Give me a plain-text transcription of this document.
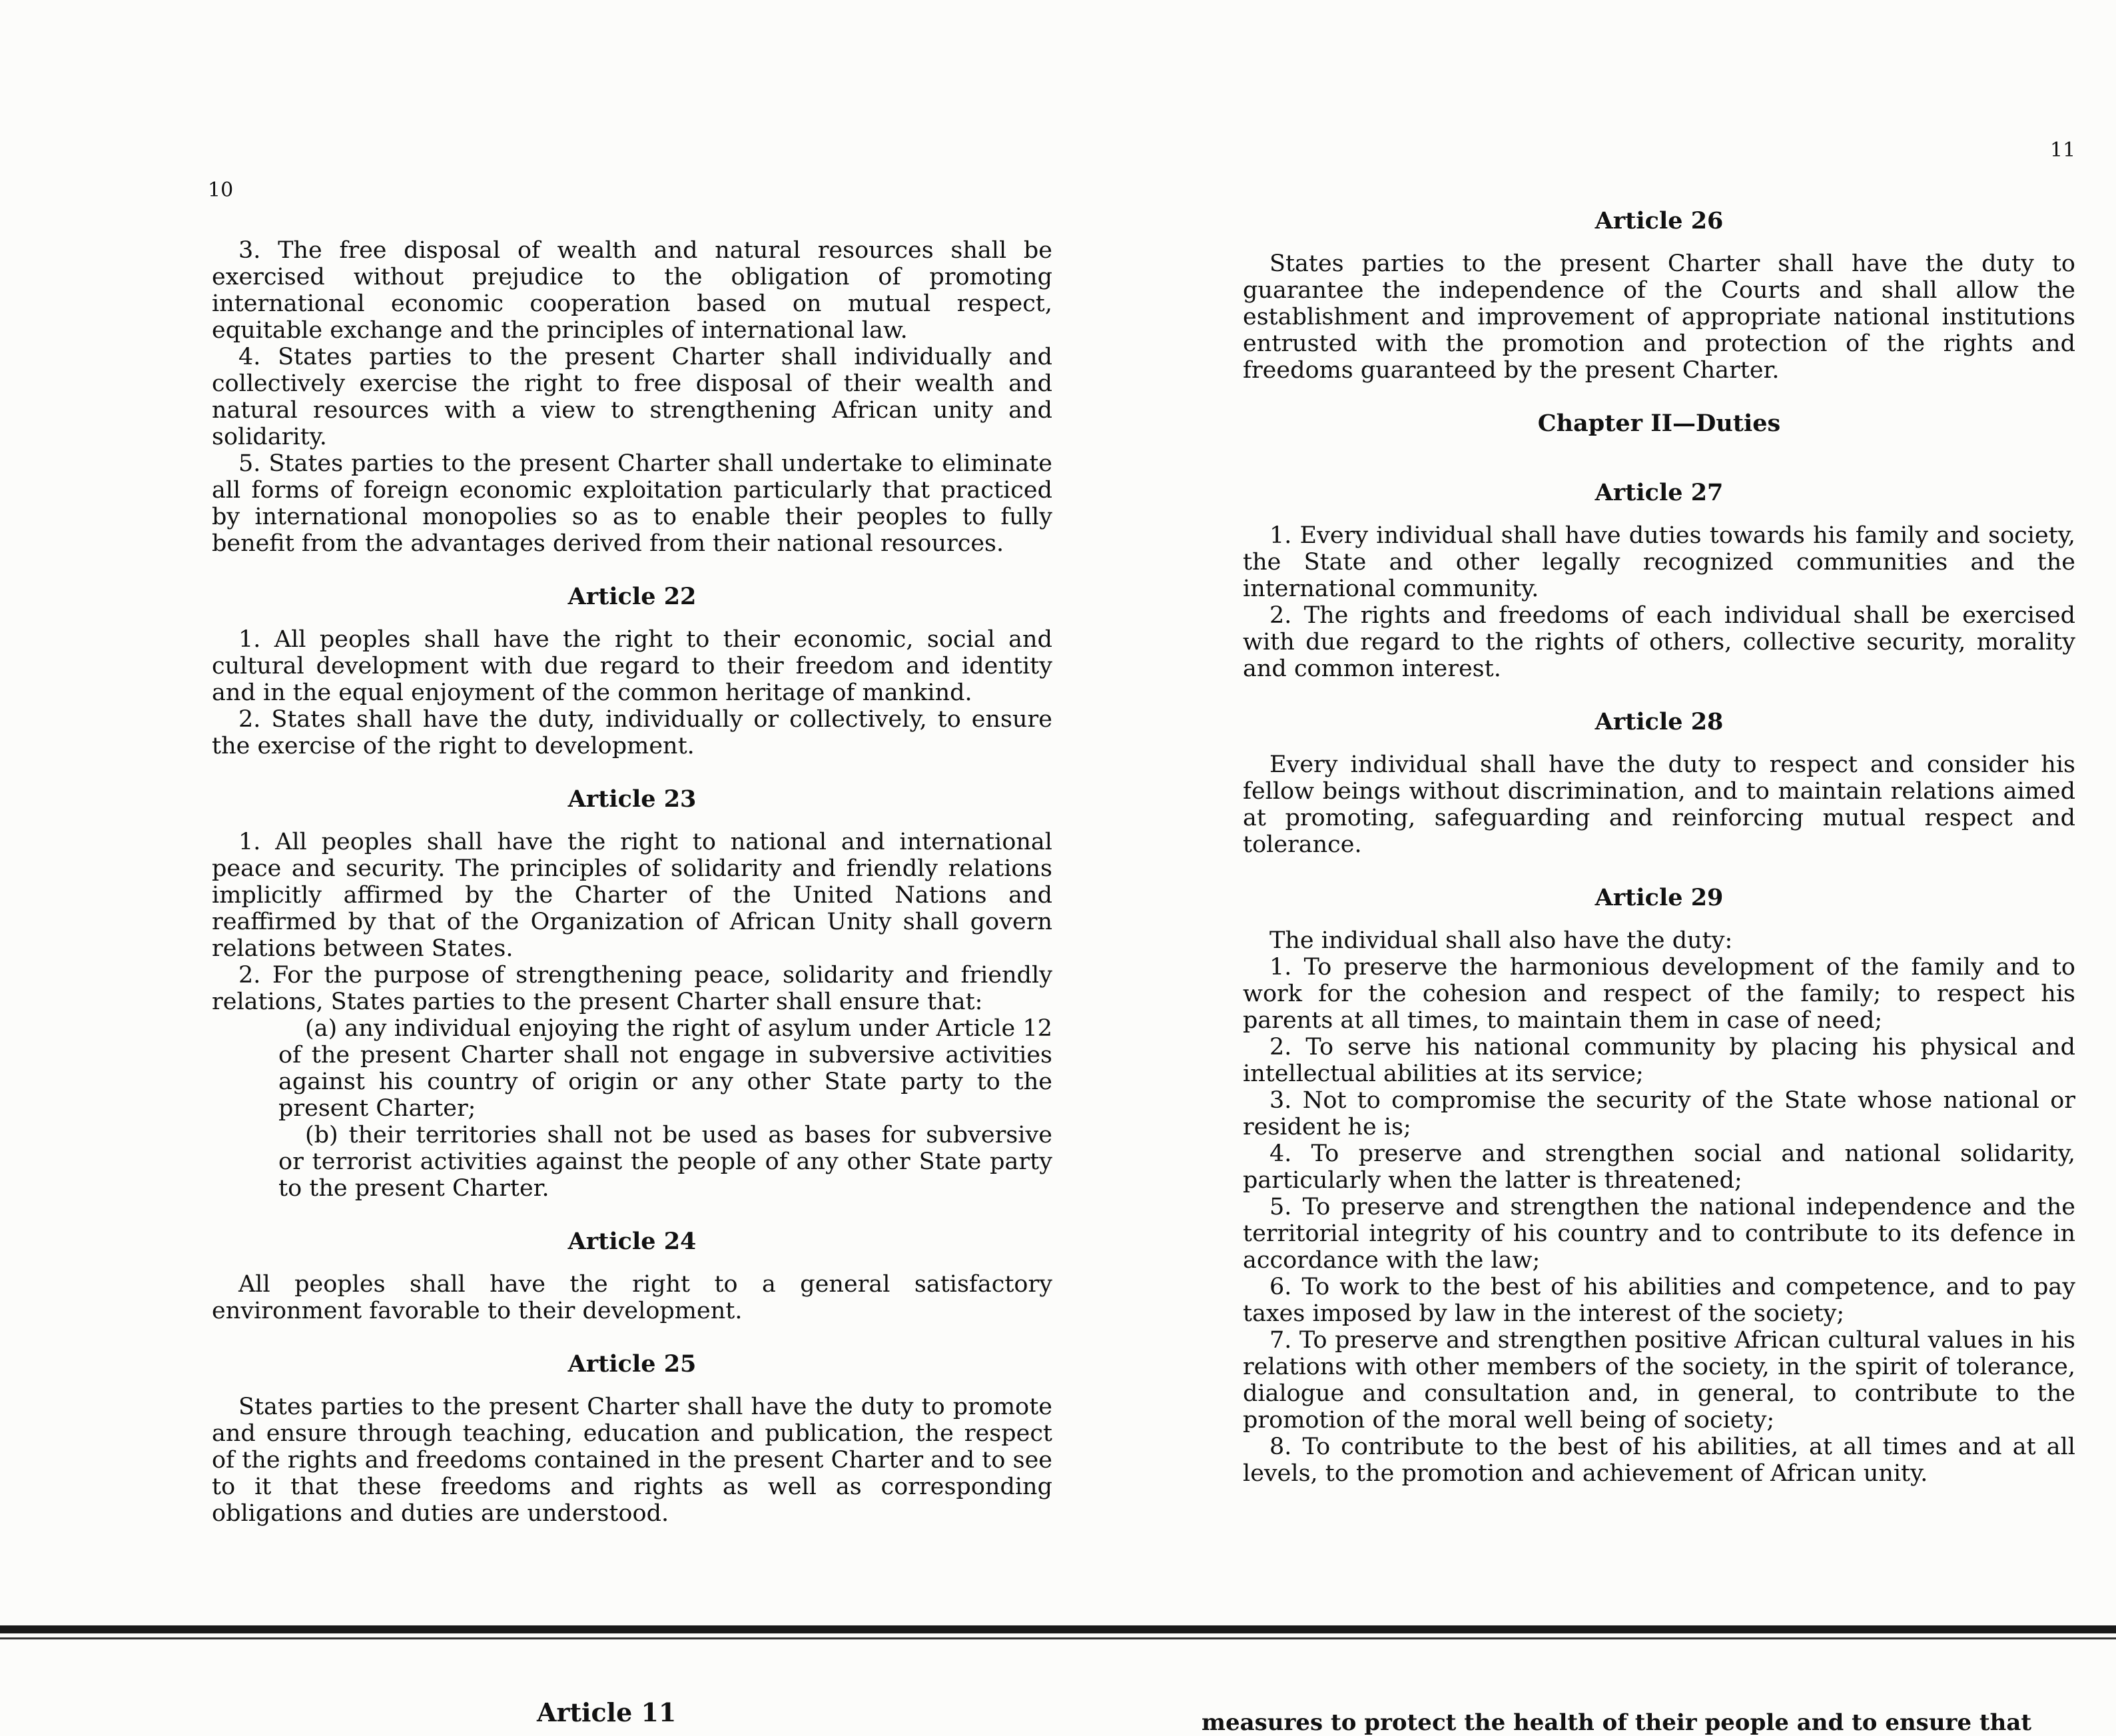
10
11

3. The free disposal of wealth and natural resources shall be exercised without prejudice to the obligation of promoting international economic cooperation based on mutual respect, equitable exchange and the principles of international law.

4. States parties to the present Charter shall individually and collectively exercise the right to free disposal of their wealth and natural resources with a view to strengthening African unity and solidarity.

5. States parties to the present Charter shall undertake to eliminate all forms of foreign economic exploitation particularly that practiced by international monopolies so as to enable their peoples to fully benefit from the advantages derived from their national resources.

Article 22

1. All peoples shall have the right to their economic, social and cultural development with due regard to their freedom and identity and in the equal enjoyment of the common heritage of mankind.

2. States shall have the duty, individually or collectively, to ensure the exercise of the right to development.

Article 23

1. All peoples shall have the right to national and international peace and security. The principles of solidarity and friendly relations implicitly affirmed by the Charter of the United Nations and reaffirmed by that of the Organization of African Unity shall govern relations between States.

2. For the purpose of strengthening peace, solidarity and friendly relations, States parties to the present Charter shall ensure that:

(a) any individual enjoying the right of asylum under Article 12 of the present Charter shall not engage in subversive activities against his country of origin or any other State party to the present Charter;

(b) their territories shall not be used as bases for subversive or terrorist activities against the people of any other State party to the present Charter.

Article 24

All peoples shall have the right to a general satisfactory environment favorable to their development.

Article 25

States parties to the present Charter shall have the duty to promote and ensure through teaching, education and publication, the respect of the rights and freedoms contained in the present Charter and to see to it that these freedoms and rights as well as corresponding obligations and duties are understood.

Article 26

States parties to the present Charter shall have the duty to guarantee the independence of the Courts and shall allow the establishment and improvement of appropriate national institutions entrusted with the promotion and protection of the rights and freedoms guaranteed by the present Charter.

Chapter II—Duties
Article 27

1. Every individual shall have duties towards his family and society, the State and other legally recognized communities and the international community.

2. The rights and freedoms of each individual shall be exercised with due regard to the rights of others, collective security, morality and common interest.

Article 28

Every individual shall have the duty to respect and consider his fellow beings without discrimination, and to maintain relations aimed at promoting, safeguarding and reinforcing mutual respect and tolerance.

Article 29

The individual shall also have the duty:

1. To preserve the harmonious development of the family and to work for the cohesion and respect of the family; to respect his parents at all times, to maintain them in case of need;

2. To serve his national community by placing his physical and intellectual abilities at its service;

3. Not to compromise the security of the State whose national or resident he is;

4. To preserve and strengthen social and national solidarity, particularly when the latter is threatened;

5. To preserve and strengthen the national independence and the territorial integrity of his country and to contribute to its defence in accordance with the law;

6. To work to the best of his abilities and competence, and to pay taxes imposed by law in the interest of the society;

7. To preserve and strengthen positive African cultural values in his relations with other members of the society, in the spirit of tolerance, dialogue and consultation and, in general, to contribute to the promotion of the moral well being of society;

8. To contribute to the best of his abilities, at all times and at all levels, to the promotion and achievement of African unity.

Article 11	measures to protect the health of their people and to ensure that
